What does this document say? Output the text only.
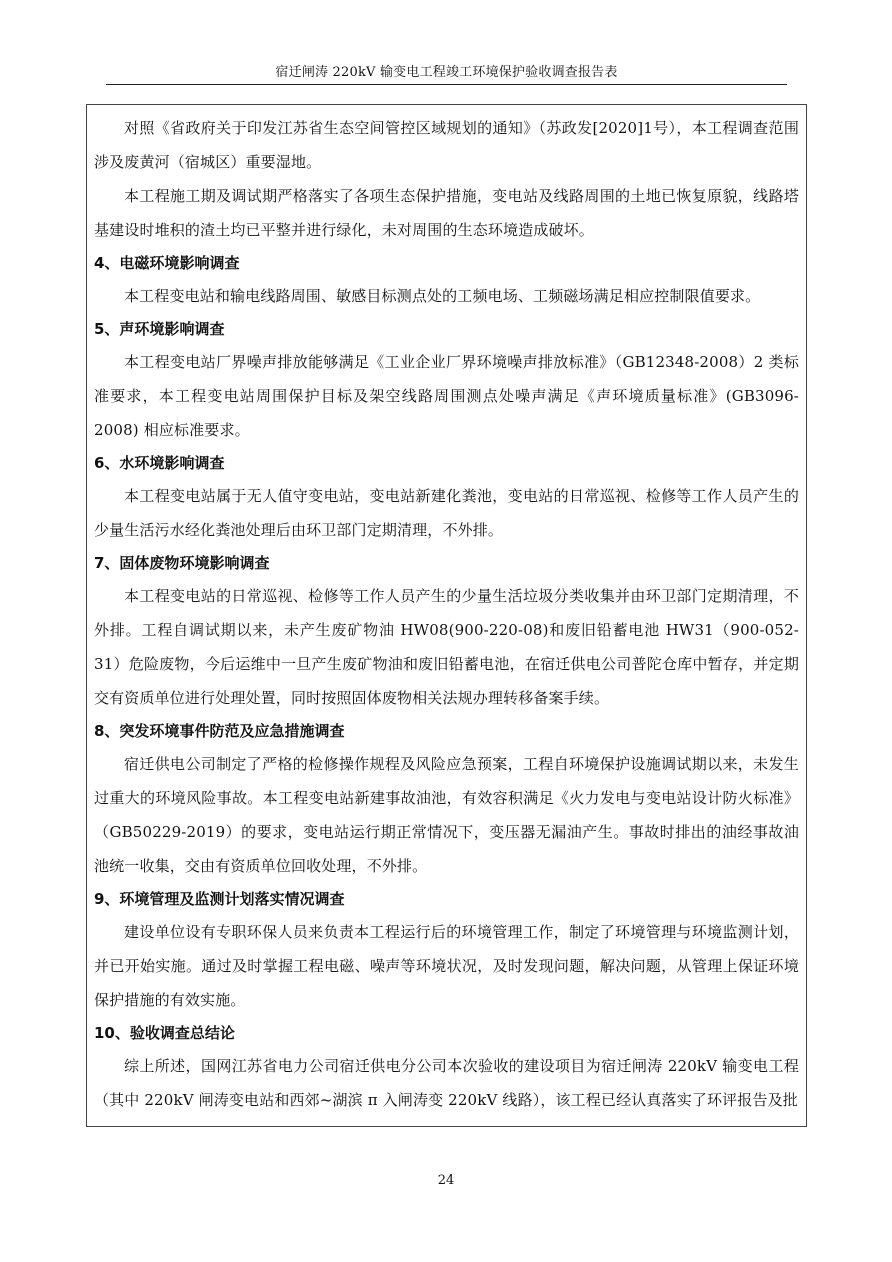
宿迁闸涛 220kV 输变电工程竣工环境保护验收调查报告表

对照《省政府关于印发江苏省生态空间管控区域规划的通知》（苏政发[2020]1号），本工程调查范围涉及废黄河（宿城区）重要湿地。

本工程施工期及调试期严格落实了各项生态保护措施，变电站及线路周围的土地已恢复原貌，线路塔基建设时堆积的渣土均已平整并进行绿化，未对周围的生态环境造成破坏。

4、电磁环境影响调查

本工程变电站和输电线路周围、敏感目标测点处的工频电场、工频磁场满足相应控制限值要求。

5、声环境影响调查

本工程变电站厂界噪声排放能够满足《工业企业厂界环境噪声排放标准》（GB12348-2008）2 类标准要求，本工程变电站周围保护目标及架空线路周围测点处噪声满足《声环境质量标准》(GB3096-2008) 相应标准要求。

6、水环境影响调查

本工程变电站属于无人值守变电站，变电站新建化粪池，变电站的日常巡视、检修等工作人员产生的少量生活污水经化粪池处理后由环卫部门定期清理，不外排。

7、固体废物环境影响调查

本工程变电站的日常巡视、检修等工作人员产生的少量生活垃圾分类收集并由环卫部门定期清理，不外排。工程自调试期以来，未产生废矿物油 HW08(900-220-08)和废旧铅蓄电池 HW31（900-052-31）危险废物，今后运维中一旦产生废矿物油和废旧铅蓄电池，在宿迁供电公司普陀仓库中暂存，并定期交有资质单位进行处理处置，同时按照固体废物相关法规办理转移备案手续。

8、突发环境事件防范及应急措施调查

宿迁供电公司制定了严格的检修操作规程及风险应急预案，工程自环境保护设施调试期以来，未发生过重大的环境风险事故。本工程变电站新建事故油池，有效容积满足《火力发电与变电站设计防火标准》（GB50229-2019）的要求，变电站运行期正常情况下，变压器无漏油产生。事故时排出的油经事故油池统一收集，交由有资质单位回收处理，不外排。

9、环境管理及监测计划落实情况调查

建设单位设有专职环保人员来负责本工程运行后的环境管理工作，制定了环境管理与环境监测计划，并已开始实施。通过及时掌握工程电磁、噪声等环境状况，及时发现问题，解决问题，从管理上保证环境保护措施的有效实施。

10、验收调查总结论

综上所述，国网江苏省电力公司宿迁供电分公司本次验收的建设项目为宿迁闸涛 220kV 输变电工程（其中 220kV 闸涛变电站和西郊~湖滨 π 入闸涛变 220kV 线路），该工程已经认真落实了环评报告及批

24
